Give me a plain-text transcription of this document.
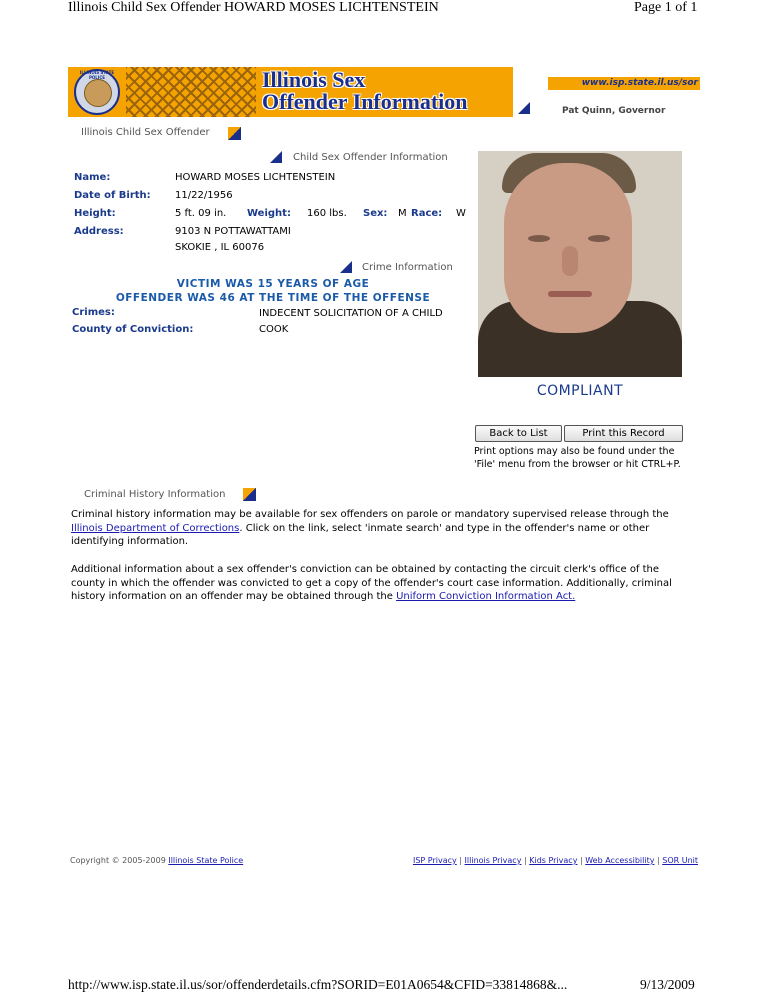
Illinois Child Sex Offender HOWARD MOSES LICHTENSTEIN	Page 1 of 1
ILLINOIS STATE POLICE	Illinois Sex
Offender Information
www.isp.state.il.us/sor
Pat Quinn, Governor
Illinois Child Sex Offender
Child Sex Offender Information
Name:	HOWARD MOSES LICHTENSTEIN
Date of Birth: 11/22/1956
Height:	5 ft. 09 in. Weight: 160 lbs. Sex: M Race: W
Address:	9103 N POTTAWATTAMI
SKOKIE , IL 60076
Crime Information
VICTIM WAS 15 YEARS OF AGE
OFFENDER WAS 46 AT THE TIME OF THE OFFENSE
Crimes:	INDECENT SOLICITATION OF A CHILD
County of Conviction:	COOK
COMPLIANT
Back to List	Print this Record
Print options may also be found under the 'File' menu from the browser or hit CTRL+P.
Criminal History Information
Criminal history information may be available for sex offenders on parole or mandatory supervised release through the Illinois Department of Corrections. Click on the link, select 'inmate search' and type in the offender's name or other identifying information.
Additional information about a sex offender's conviction can be obtained by contacting the circuit clerk's office of the county in which the offender was convicted to get a copy of the offender's court case information. Additionally, criminal history information on an offender may be obtained through the Uniform Conviction Information Act.
Copyright © 2005-2009 Illinois State Police	ISP Privacy | Illinois Privacy | Kids Privacy | Web Accessibility | SOR Unit
http://www.isp.state.il.us/sor/offenderdetails.cfm?SORID=E01A0654&CFID=33814868&...	9/13/2009
